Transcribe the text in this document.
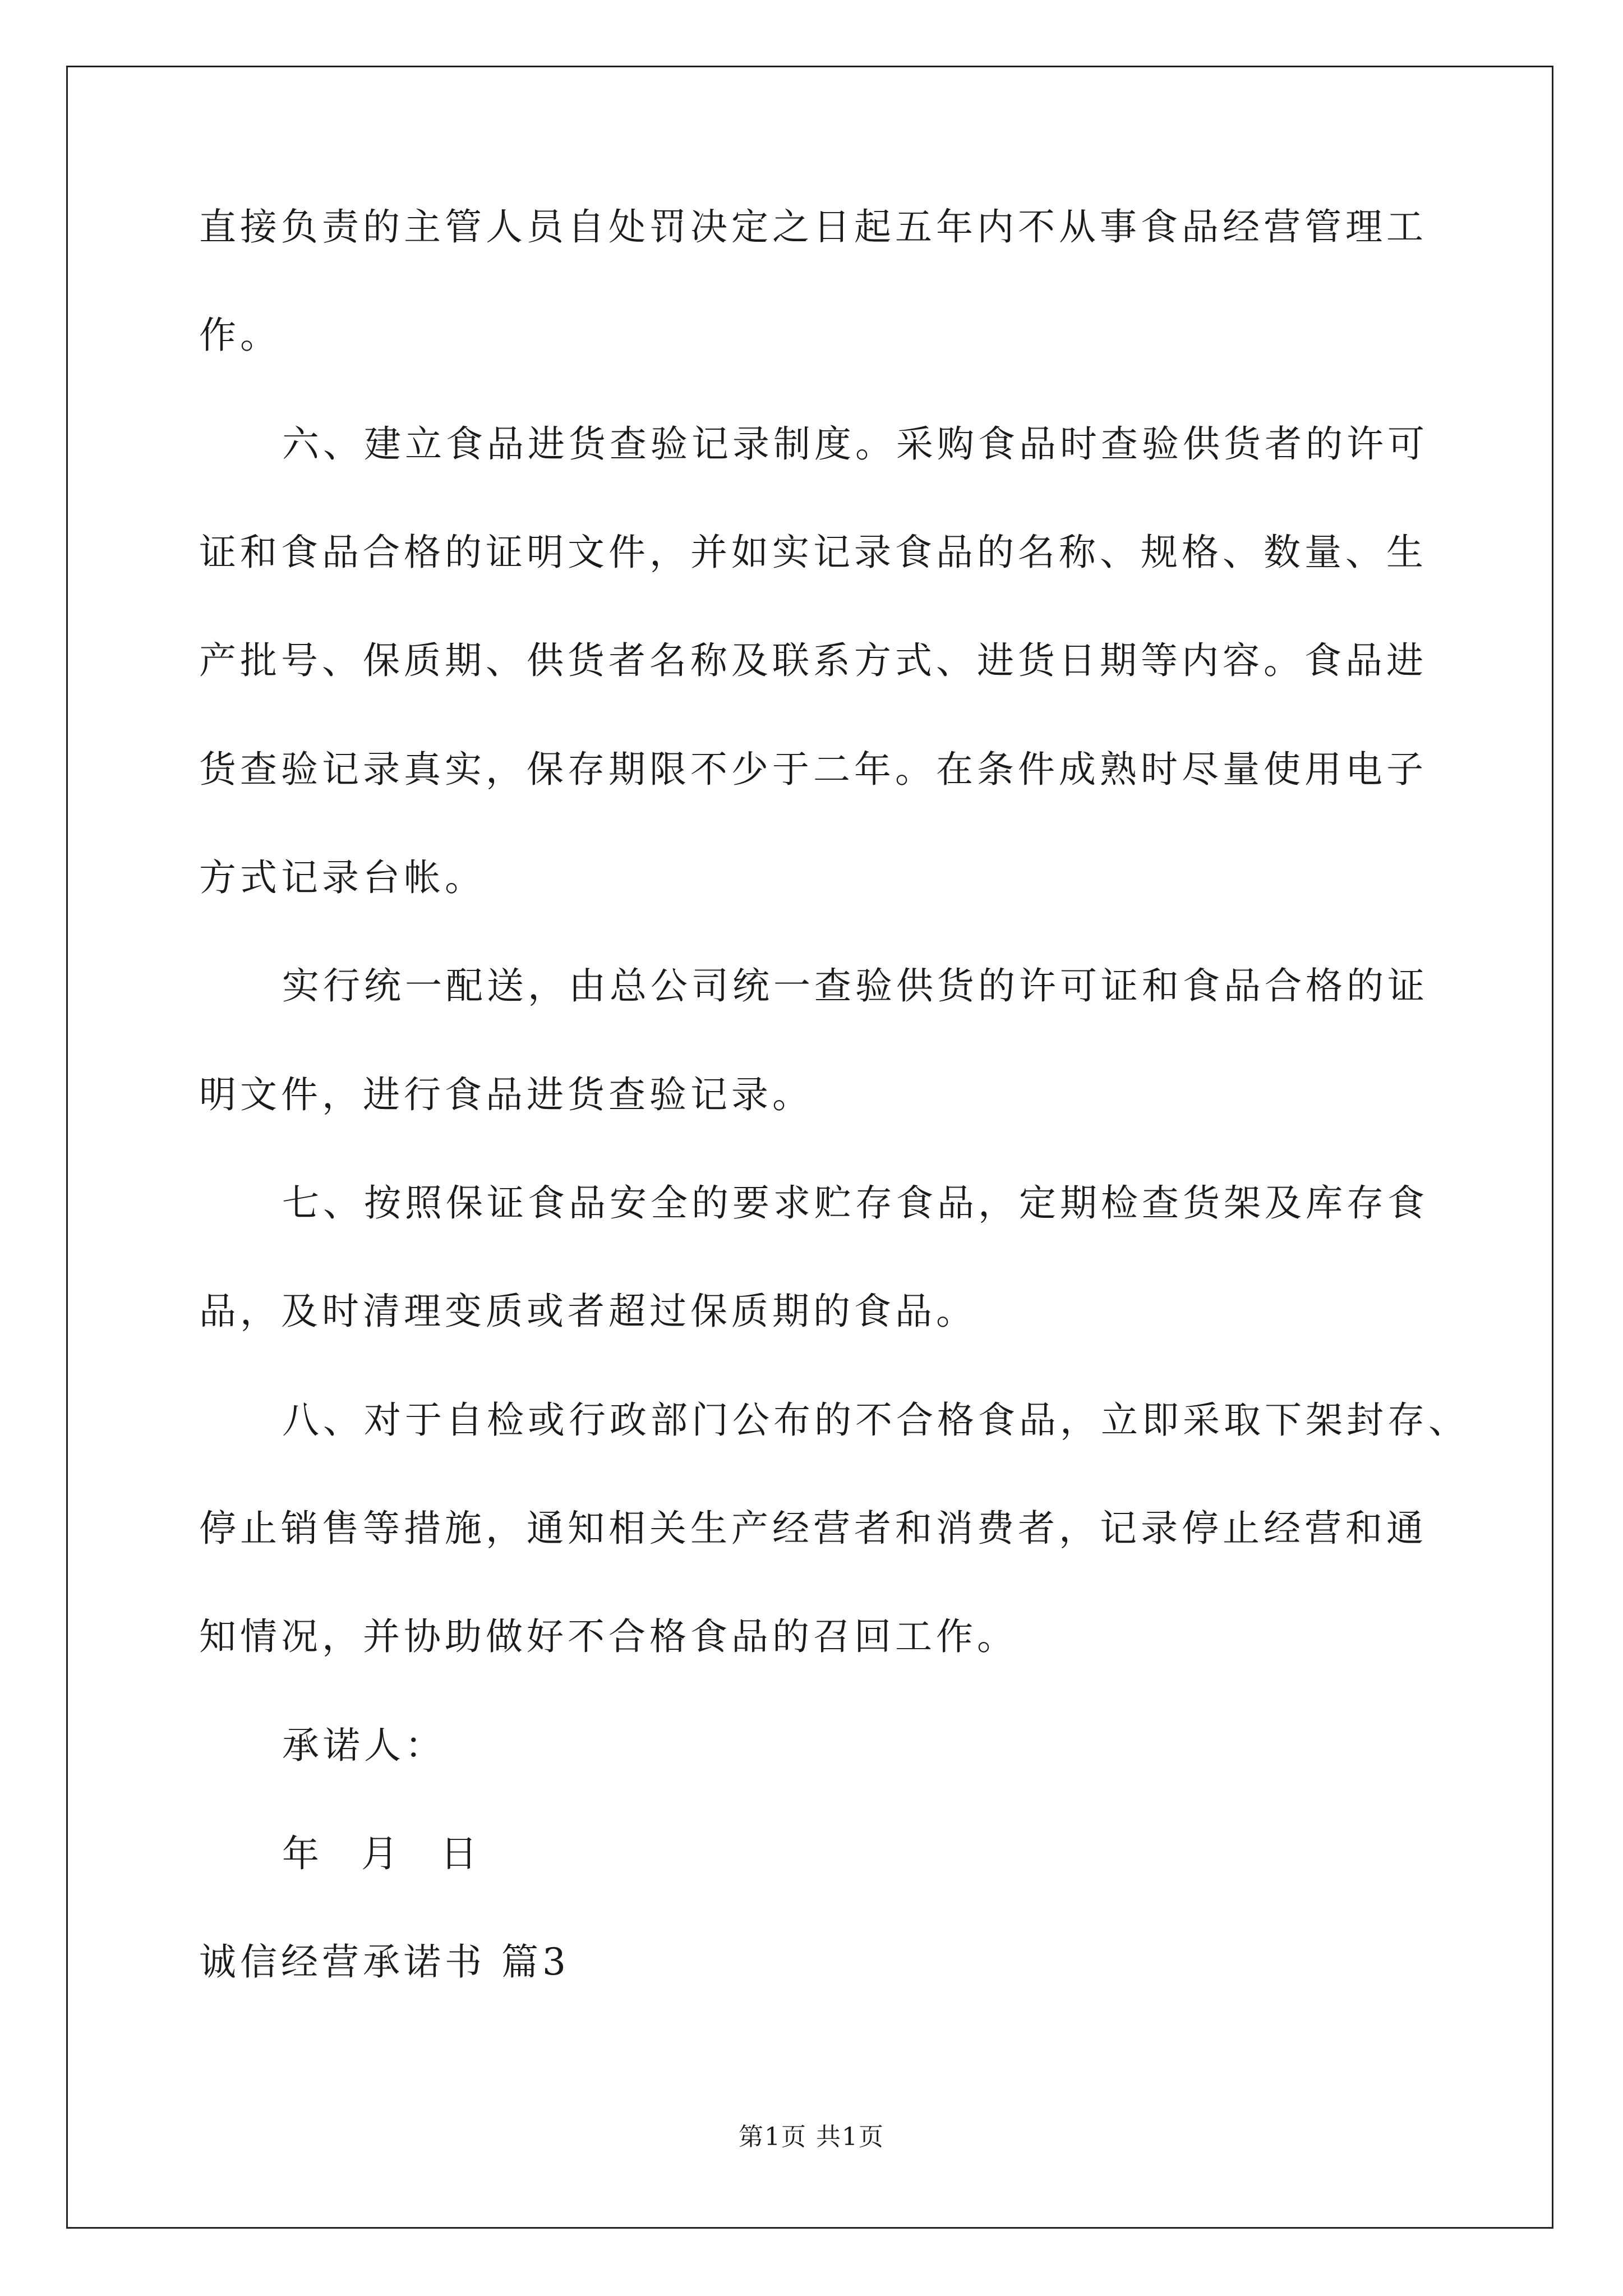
直接负责的主管人员自处罚决定之日起五年内不从事食品经营管理工
作。
六、建立食品进货查验记录制度。采购食品时查验供货者的许可
证和食品合格的证明文件，并如实记录食品的名称、规格、数量、生
产批号、保质期、供货者名称及联系方式、进货日期等内容。食品进
货查验记录真实，保存期限不少于二年。在条件成熟时尽量使用电子
方式记录台帐。
实行统一配送，由总公司统一查验供货的许可证和食品合格的证
明文件，进行食品进货查验记录。
七、按照保证食品安全的要求贮存食品，定期检查货架及库存食
品，及时清理变质或者超过保质期的食品。
八、对于自检或行政部门公布的不合格食品，立即采取下架封存、
停止销售等措施，通知相关生产经营者和消费者，记录停止经营和通
知情况，并协助做好不合格食品的召回工作。
承诺人：
年 月 日
诚信经营承诺书 篇3
第1页 共1页
